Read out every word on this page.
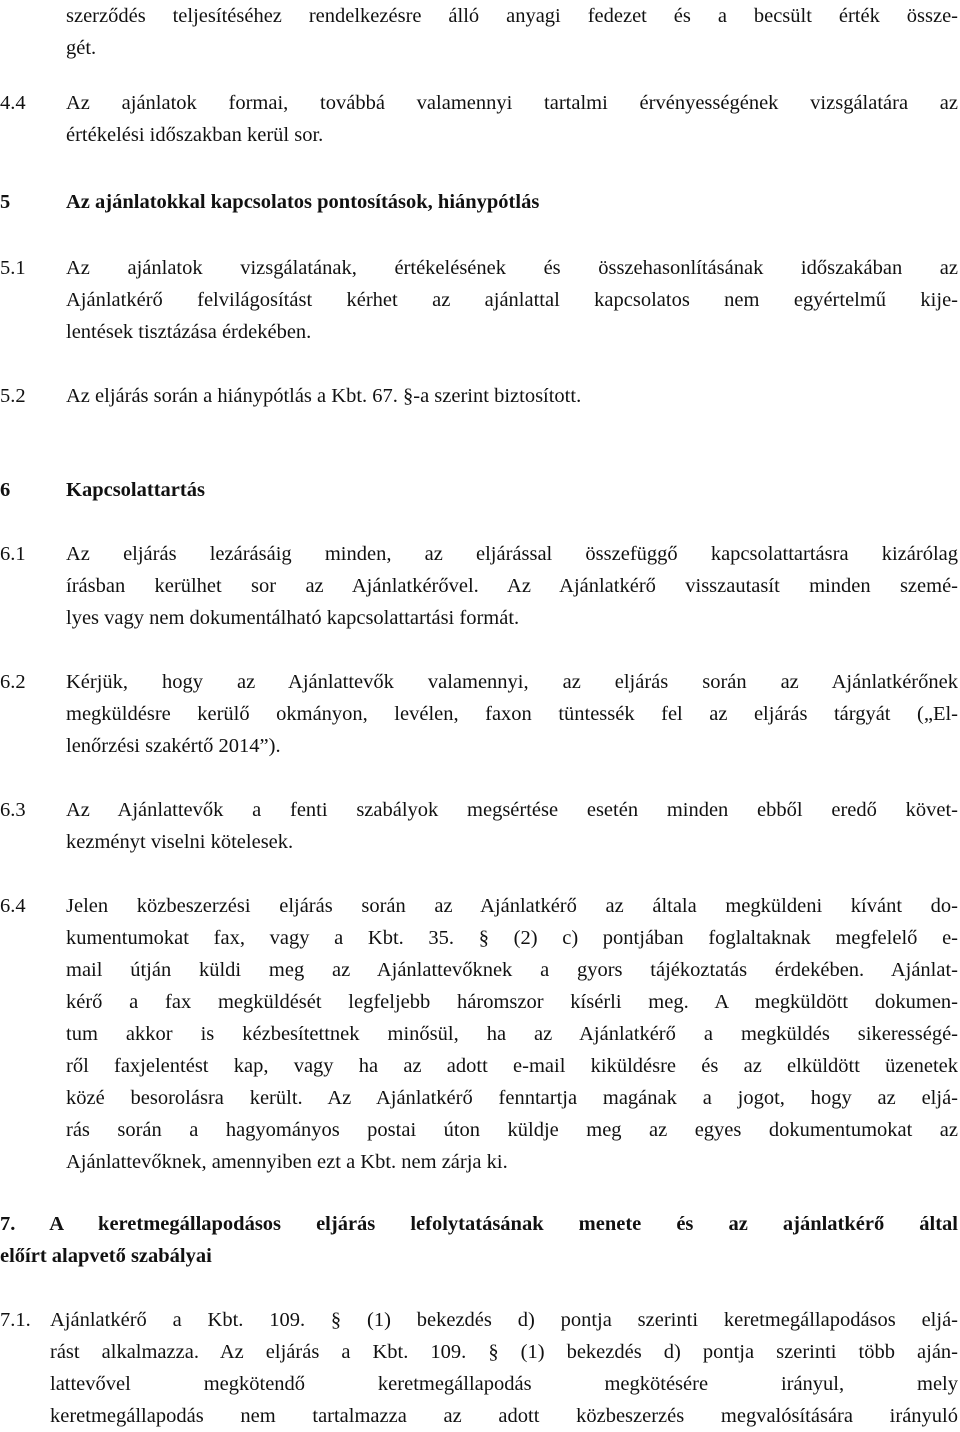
szerződés teljesítéséhez rendelkezésre álló anyagi fedezet és a becsült érték össze-
gét.
4.4 Az ajánlatok formai, továbbá valamennyi tartalmi érvényességének vizsgálatára az
értékelési időszakban kerül sor.
5	Az ajánlatokkal kapcsolatos pontosítások, hiánypótlás
5.1 Az ajánlatok vizsgálatának, értékelésének és összehasonlításának időszakában az
Ajánlatkérő felvilágosítást kérhet az ajánlattal kapcsolatos nem egyértelmű kije-
lentések tisztázása érdekében.
5.2 Az eljárás során a hiánypótlás a Kbt. 67. §-a szerint biztosított.
6	Kapcsolattartás
6.1 Az eljárás lezárásáig minden, az eljárással összefüggő kapcsolattartásra kizárólag
írásban kerülhet sor az Ajánlatkérővel. Az Ajánlatkérő visszautasít minden szemé-
lyes vagy nem dokumentálható kapcsolattartási formát.
6.2 Kérjük, hogy az Ajánlattevők valamennyi, az eljárás során az Ajánlatkérőnek
megküldésre kerülő okmányon, levélen, faxon tüntessék fel az eljárás tárgyát („El-
lenőrzési szakértő 2014”).
6.3 Az Ajánlattevők a fenti szabályok megsértése esetén minden ebből eredő követ-
kezményt viselni kötelesek.
6.4 Jelen közbeszerzési eljárás során az Ajánlatkérő az általa megküldeni kívánt do-
kumentumokat fax, vagy a Kbt. 35. § (2) c) pontjában foglaltaknak megfelelő e-
mail útján küldi meg az Ajánlattevőknek a gyors tájékoztatás érdekében. Ajánlat-
kérő a fax megküldését legfeljebb háromszor kísérli meg. A megküldött dokumen-
tum akkor is kézbesítettnek minősül, ha az Ajánlatkérő a megküldés sikerességé-
ről faxjelentést kap, vagy ha az adott e-mail kiküldésre és az elküldött üzenetek
közé besorolásra került. Az Ajánlatkérő fenntartja magának a jogot, hogy az eljá-
rás során a hagyományos postai úton küldje meg az egyes dokumentumokat az
Ajánlattevőknek, amennyiben ezt a Kbt. nem zárja ki.
7. A keretmegállapodásos eljárás lefolytatásának menete és az ajánlatkérő által
előírt alapvető szabályai
7.1. Ajánlatkérő a Kbt. 109. § (1) bekezdés d) pontja szerinti keretmegállapodásos eljá-
rást alkalmazza. Az eljárás a Kbt. 109. § (1) bekezdés d) pontja szerinti több aján-
lattevővel megkötendő keretmegállapodás megkötésére irányul, mely
keretmegállapodás nem tartalmazza az adott közbeszerzés megvalósítására irányuló
